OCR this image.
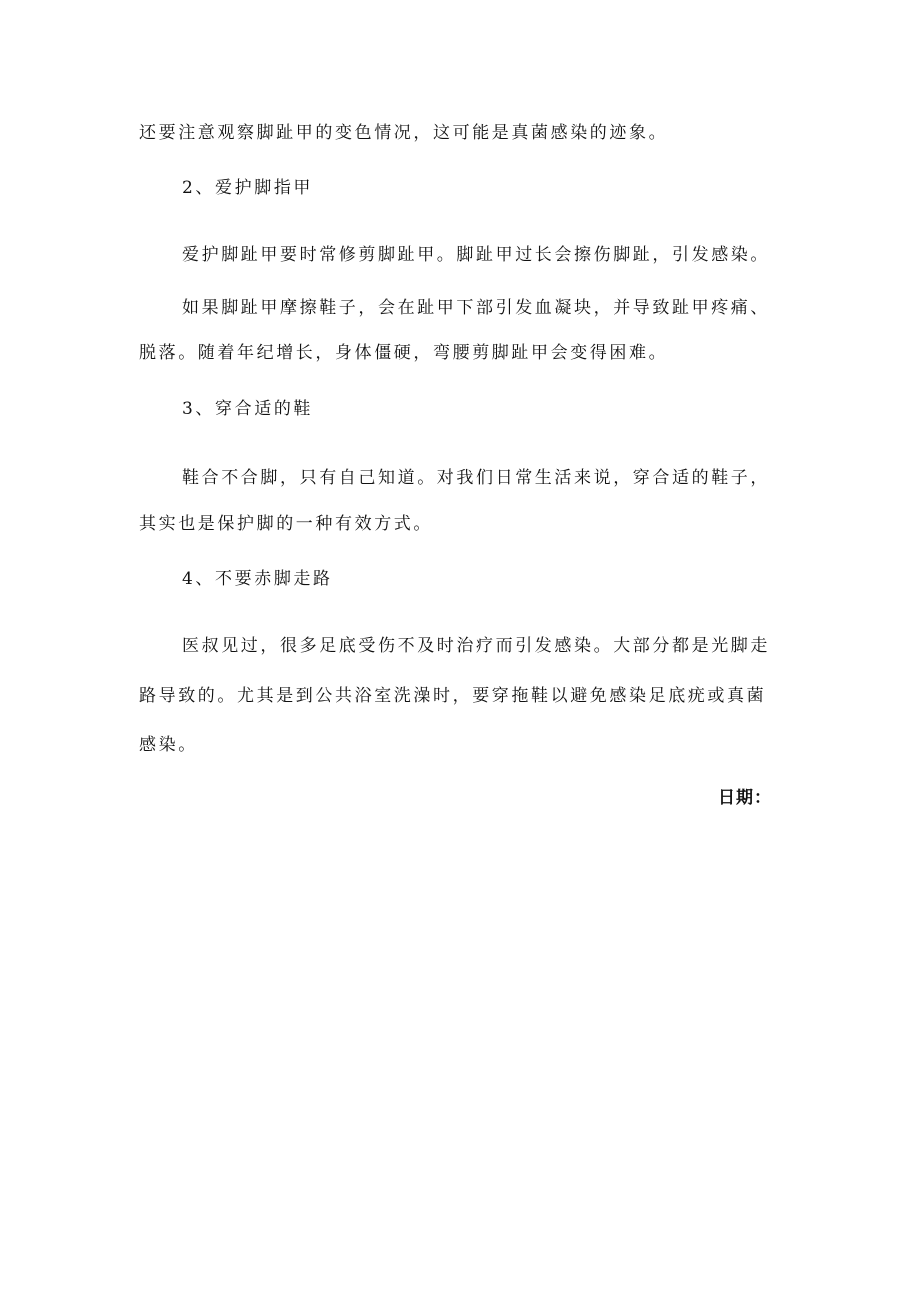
还要注意观察脚趾甲的变色情况，这可能是真菌感染的迹象。
2、爱护脚指甲
爱护脚趾甲要时常修剪脚趾甲。脚趾甲过长会擦伤脚趾，引发感染。
如果脚趾甲摩擦鞋子，会在趾甲下部引发血凝块，并导致趾甲疼痛、
脱落。随着年纪增长，身体僵硬，弯腰剪脚趾甲会变得困难。
3、穿合适的鞋
鞋合不合脚，只有自己知道。对我们日常生活来说，穿合适的鞋子，
其实也是保护脚的一种有效方式。
4、不要赤脚走路
医叔见过，很多足底受伤不及时治疗而引发感染。大部分都是光脚走
路导致的。尤其是到公共浴室洗澡时，要穿拖鞋以避免感染足底疣或真菌
感染。
日期：
